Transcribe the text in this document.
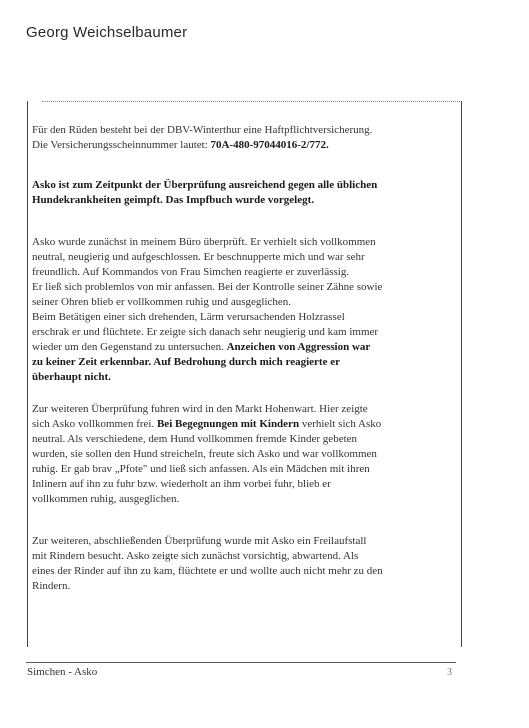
Georg Weichselbaumer
Für den Rüden besteht bei der DBV-Winterthur eine Haftpflichtversicherung.
Die Versicherungsscheinnummer lautet: 70A-480-97044016-2/772.
Asko ist zum Zeitpunkt der Überprüfung ausreichend gegen alle üblichen
Hundekrankheiten geimpft. Das Impfbuch wurde vorgelegt.
Asko wurde zunächst in meinem Büro überprüft. Er verhielt sich vollkommen
neutral, neugierig und aufgeschlossen. Er beschnupperte mich und war sehr
freundlich. Auf Kommandos von Frau Simchen reagierte er zuverlässig.
Er ließ sich problemlos von mir anfassen. Bei der Kontrolle seiner Zähne sowie
seiner Ohren blieb er vollkommen ruhig und ausgeglichen.
Beim Betätigen einer sich drehenden, Lärm verursachenden Holzrassel
erschrak er und flüchtete. Er zeigte sich danach sehr neugierig und kam immer
wieder um den Gegenstand zu untersuchen. Anzeichen von Aggression war
zu keiner Zeit erkennbar. Auf Bedrohung durch mich reagierte er
überhaupt nicht.
Zur weiteren Überprüfung fuhren wird in den Markt Hohenwart. Hier zeigte
sich Asko vollkommen frei. Bei Begegnungen mit Kindern verhielt sich Asko
neutral. Als verschiedene, dem Hund vollkommen fremde Kinder gebeten
wurden, sie sollen den Hund streicheln, freute sich Asko und war vollkommen
ruhig. Er gab brav „Pfote" und ließ sich anfassen. Als ein Mädchen mit ihren
Inlinern auf ihn zu fuhr bzw. wiederholt an ihm vorbei fuhr, blieb er
vollkommen ruhig, ausgeglichen.
Zur weiteren, abschließenden Überprüfung wurde mit Asko ein Freilaufstall
mit Rindern besucht. Asko zeigte sich zunächst vorsichtig, abwartend. Als
eines der Rinder auf ihn zu kam, flüchtete er und wollte auch nicht mehr zu den
Rindern.
Simchen - Asko	3
